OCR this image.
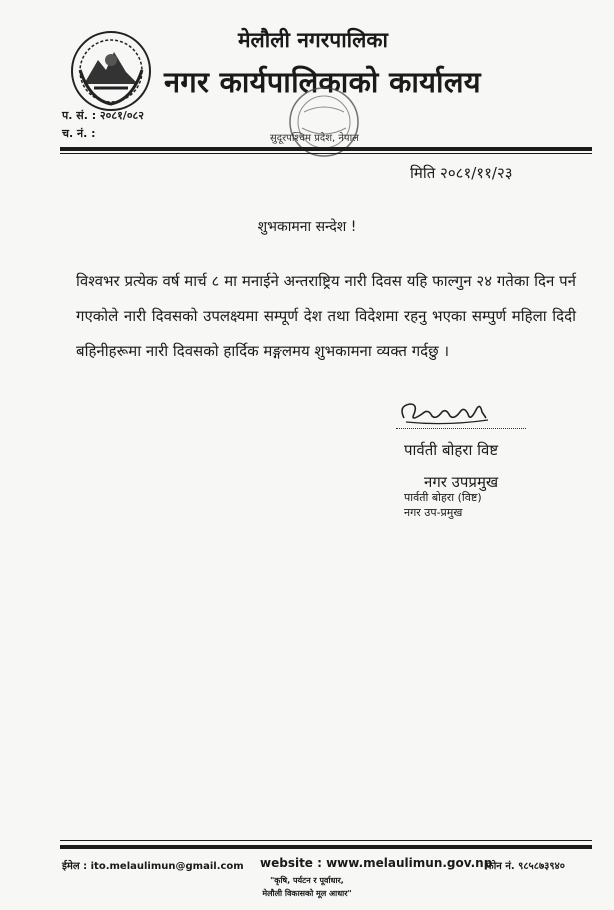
मेलौली नगरपालिका
नगर कार्यपालिकाको कार्यालय
प. सं. : २०८१/०८२
च. नं. :	सुदूरपश्चिम प्रदेश, नेपाल
मिति २०८१/११/२३
शुभकामना सन्देश !
विश्वभर प्रत्येक वर्ष मार्च ८ मा मनाईने अन्तराष्ट्रिय नारी दिवस यहि फाल्गुन २४ गतेका दिन पर्न गएकोले नारी दिवसको उपलक्ष्यमा सम्पूर्ण देश तथा विदेशमा रहनु भएका सम्पुर्ण महिला दिदी बहिनीहरूमा नारी दिवसको हार्दिक मङ्गलमय शुभकामना व्यक्त गर्दछु ।
पार्वती बोहरा विष्ट
नगर उपप्रमुख
पार्वती बोहरा (विष्ट)
नगर उप-प्रमुख
ईमेल : ito.melaulimun@gmail.com website : www.melaulimun.gov.np
फोन नं. ९८५८७३९४०
"कृषि, पर्यटन र पूर्वाधार,
मेलौली विकासको मूल आधार"
